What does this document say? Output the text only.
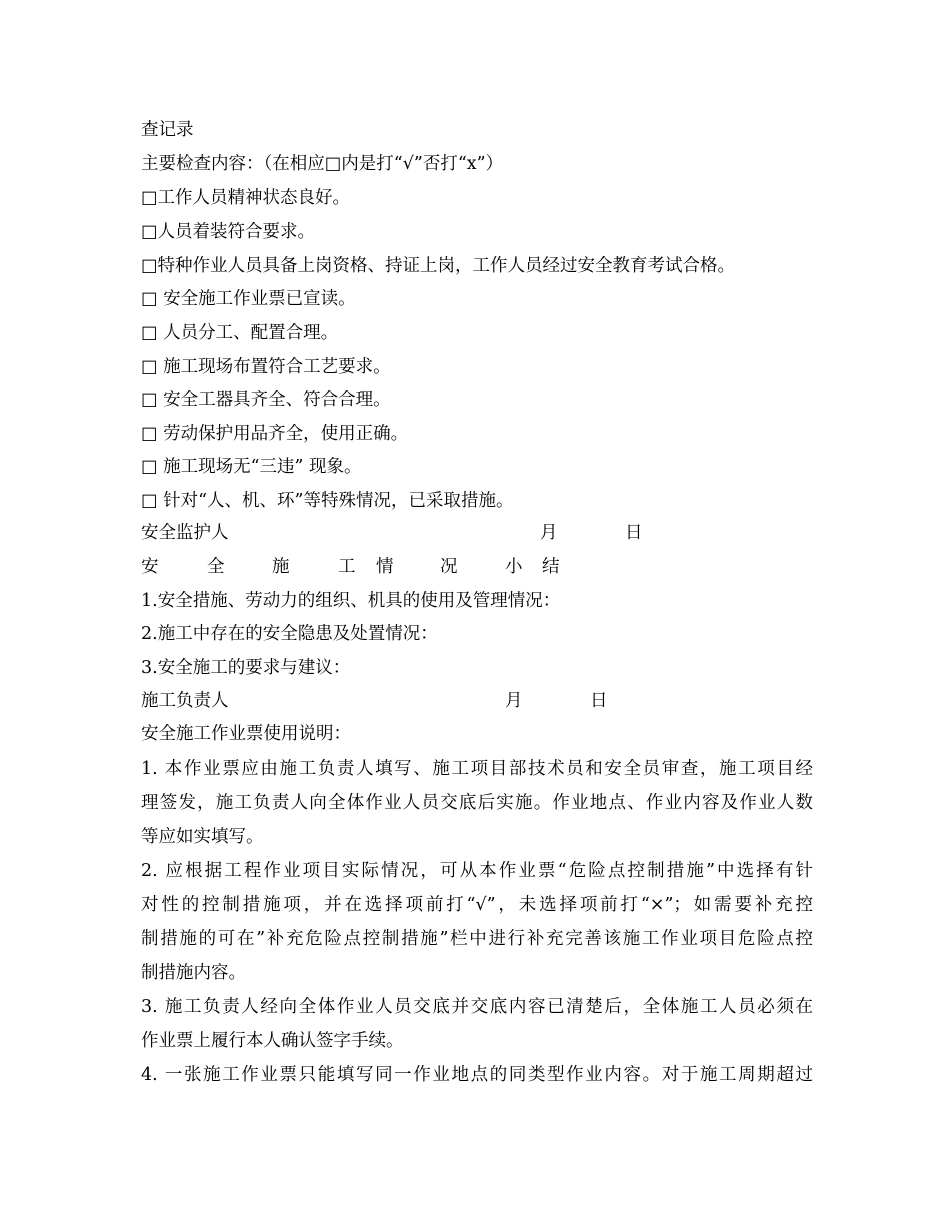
查记录
主要检查内容：（在相应□内是打“√”否打“x”）
□工作人员精神状态良好。
□人员着装符合要求。
□特种作业人员具备上岗资格、持证上岗，工作人员经过安全教育考试合格。
□ 安全施工作业票已宣读。
□ 人员分工、配置合理。
□ 施工现场布置符合工艺要求。
□ 安全工器具齐全、符合合理。
□ 劳动保护用品齐全，使用正确。
□ 施工现场无“三违” 现象。
□ 针对“人、机、环”等特殊情况，已采取措施。
安全监护人	月	日
安	全	施	工 情	况	小 结
1.安全措施、劳动力的组织、机具的使用及管理情况：
2.施工中存在的安全隐患及处置情况：
3.安全施工的要求与建议：
施工负责人	月	日
安全施工作业票使用说明：
1. 本作业票应由施工负责人填写、施工项目部技术员和安全员审查，施工项目经
理签发，施工负责人向全体作业人员交底后实施。作业地点、作业内容及作业人数
等应如实填写。
2. 应根据工程作业项目实际情况，可从本作业票“危险点控制措施”中选择有针
对性的控制措施项，并在选择项前打“√”，未选择项前打“×”；如需要补充控
制措施的可在”补充危险点控制措施”栏中进行补充完善该施工作业项目危险点控
制措施内容。
3. 施工负责人经向全体作业人员交底并交底内容已清楚后，全体施工人员必须在
作业票上履行本人确认签字手续。
4. 一张施工作业票只能填写同一作业地点的同类型作业内容。对于施工周期超过
